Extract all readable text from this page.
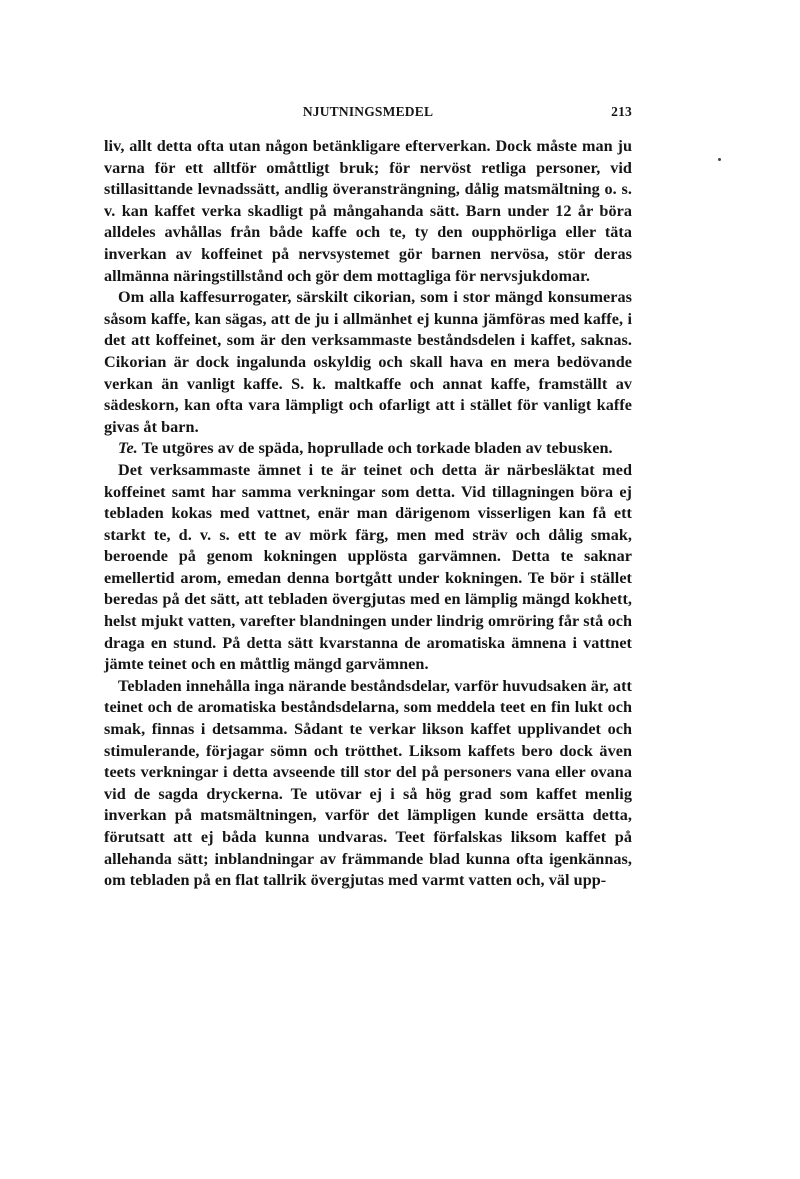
NJUTNINGSMEDEL	213

liv, allt detta ofta utan någon betänkligare efterverkan. Dock måste man ju varna för ett alltför omåttligt bruk; för nervöst retliga personer, vid stillasittande levnadssätt, andlig överansträngning, dålig matsmältning o. s. v. kan kaffet verka skadligt på mångahanda sätt. Barn under 12 år böra alldeles avhållas från både kaffe och te, ty den oupphörliga eller täta inverkan av koffeinet på nervsystemet gör barnen nervösa, stör deras allmänna näringstillstånd och gör dem mottagliga för nervsjukdomar.

Om alla kaffesurrogater, särskilt cikorian, som i stor mängd konsumeras såsom kaffe, kan sägas, att de ju i allmänhet ej kunna jämföras med kaffe, i det att koffeinet, som är den verksammaste beståndsdelen i kaffet, saknas. Cikorian är dock ingalunda oskyldig och skall hava en mera bedövande verkan än vanligt kaffe. S. k. maltkaffe och annat kaffe, framställt av sädeskorn, kan ofta vara lämpligt och ofarligt att i stället för vanligt kaffe givas åt barn.

Te. Te utgöres av de späda, hoprullade och torkade bladen av tebusken.

Det verksammaste ämnet i te är teinet och detta är närbesläktat med koffeinet samt har samma verkningar som detta. Vid tillagningen böra ej tebladen kokas med vattnet, enär man därigenom visserligen kan få ett starkt te, d. v. s. ett te av mörk färg, men med sträv och dålig smak, beroende på genom kokningen upplösta garvämnen. Detta te saknar emellertid arom, emedan denna bortgått under kokningen. Te bör i stället beredas på det sätt, att tebladen övergjutas med en lämplig mängd kokhett, helst mjukt vatten, varefter blandningen under lindrig omröring får stå och draga en stund. På detta sätt kvarstanna de aromatiska ämnena i vattnet jämte teinet och en måttlig mängd garvämnen.

Tebladen innehålla inga närande beståndsdelar, varför huvudsaken är, att teinet och de aromatiska beståndsdelarna, som meddela teet en fin lukt och smak, finnas i detsamma. Sådant te verkar likson kaffet upplivandet och stimulerande, förjagar sömn och trötthet. Liksom kaffets bero dock även teets verkningar i detta avseende till stor del på personers vana eller ovana vid de sagda dryckerna. Te utövar ej i så hög grad som kaffet menlig inverkan på matsmältningen, varför det lämpligen kunde ersätta detta, förutsatt att ej båda kunna undvaras. Teet förfalskas liksom kaffet på allehanda sätt; inblandningar av främmande blad kunna ofta igenkännas, om tebladen på en flat tallrik övergjutas med varmt vatten och, väl upp-
